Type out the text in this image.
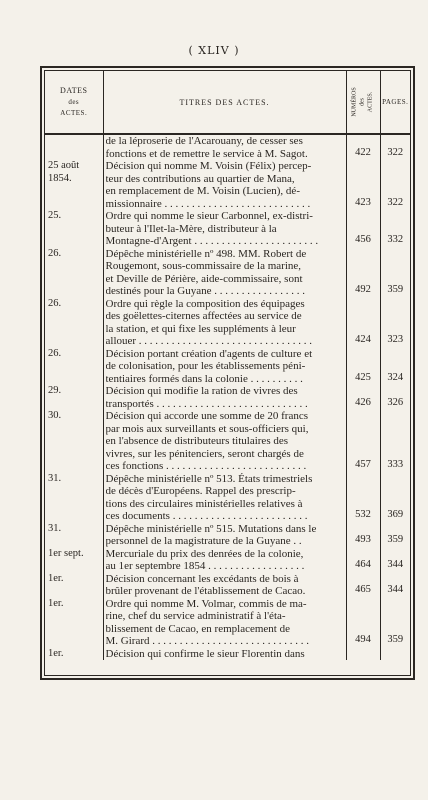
( XLIV )
DATES
des
ACTES.	TITRES DES ACTES.	NUMÉROS des ACTES.	PAGES.

	de la léproserie de l'Acarouany, de cesser ses
fonctions et de remettre le service à M. Sagot.	422	322

25 août
1854.	Décision qui nomme M. Voisin (Félix) percep-
teur des contributions au quartier de Mana,
en remplacement de M. Voisin (Lucien), dé-
missionnaire . . . . . . . . . . . . . . . . . . . . . . . . . . .	423	322

25.	Ordre qui nomme le sieur Carbonnel, ex-distri-
buteur à l'Ilet-la-Mère, distributeur à la
Montagne-d'Argent . . . . . . . . . . . . . . . . . . . . . . .	456	332

26.	Dépêche ministérielle nº 498. MM. Robert de
Rougemont, sous-commissaire de la marine,
et Deville de Périère, aide-commissaire, sont
destinés pour la Guyane . . . . . . . . . . . . . . . . .	492	359

26.	Ordre qui règle la composition des équipages
des goëlettes-citernes affectées au service de
la station, et qui fixe les suppléments à leur
allouer . . . . . . . . . . . . . . . . . . . . . . . . . . . . . . . .	424	323

26.	Décision portant création d'agents de culture et
de colonisation, pour les établissements péni-
tentiaires formés dans la colonie . . . . . . . . . .	425	324

29.	Décision qui modifie la ration de vivres des
transportés . . . . . . . . . . . . . . . . . . . . . . . . . . . .	426	326

30.	Décision qui accorde une somme de 20 francs
par mois aux surveillants et sous-officiers qui,
en l'absence de distributeurs titulaires des
vivres, sur les pénitenciers, seront chargés de
ces fonctions . . . . . . . . . . . . . . . . . . . . . . . . . .	457	333

31.	Dépêche ministérielle nº 513. États trimestriels
de décès d'Européens. Rappel des prescrip-
tions des circulaires ministérielles relatives à
ces documents . . . . . . . . . . . . . . . . . . . . . . . . .	532	369

31.	Dépêche ministérielle nº 515. Mutations dans le
personnel de la magistrature de la Guyane . .	493	359

1er sept.	Mercuriale du prix des denrées de la colonie,
au 1er septembre 1854 . . . . . . . . . . . . . . . . . .	464	344

1er.	Décision concernant les excédants de bois à
brûler provenant de l'établissement de Cacao.	465	344

1er.	Ordre qui nomme M. Volmar, commis de ma-
rine, chef du service administratif à l'éta-
blissement de Cacao, en remplacement de
M. Girard . . . . . . . . . . . . . . . . . . . . . . . . . . . . .	494	359

1er.	Décision qui confirme le sieur Florentin dans		
